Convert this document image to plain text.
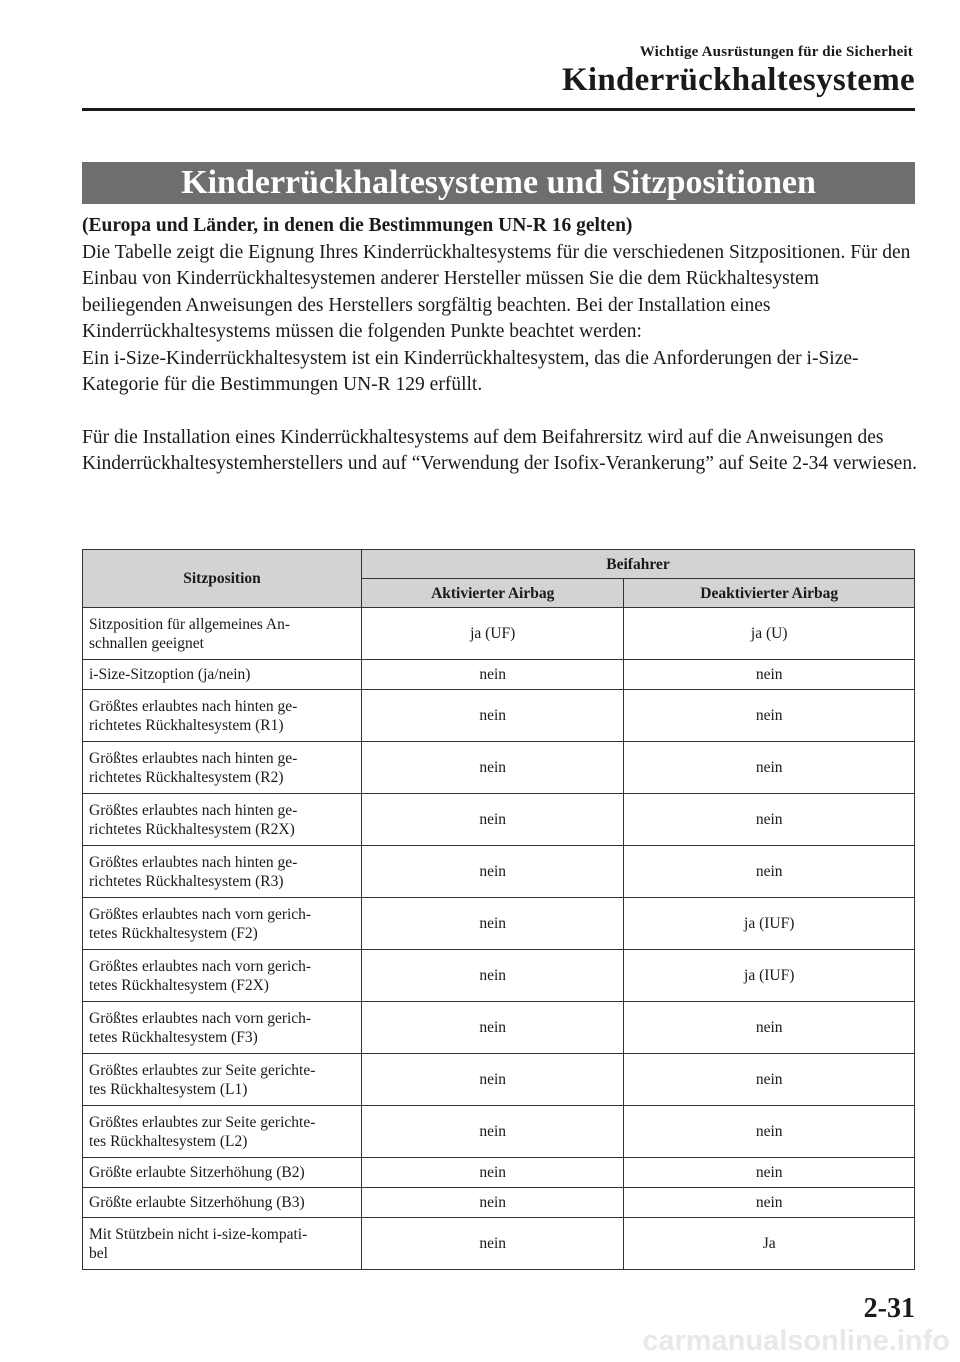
Wichtige Ausrüstungen für die Sicherheit
Kinderrückhaltesysteme
Kinderrückhaltesysteme und Sitzpositionen

(Europa und Länder, in denen die Bestimmungen UN-R 16 gelten)

Die Tabelle zeigt die Eignung Ihres Kinderrückhaltesystems für die verschiedenen Sitzpositionen. Für den Einbau von Kinderrückhaltesystemen anderer Hersteller müssen Sie die dem Rückhaltesystem beiliegenden Anweisungen des Herstellers sorgfältig beachten. Bei der Installation eines Kinderrückhaltesystems müssen die folgenden Punkte beachtet werden:

Ein i-Size-Kinderrückhaltesystem ist ein Kinderrückhaltesystem, das die Anforderungen der i-Size-Kategorie für die Bestimmungen UN-R 129 erfüllt.

Für die Installation eines Kinderrückhaltesystems auf dem Beifahrersitz wird auf die Anweisungen des Kinderrückhaltesystemherstellers und auf “Verwendung der Isofix-Verankerung” auf Seite 2-34 verwiesen.

Sitzposition	Beifahrer	
	Aktivierter Airbag	Deaktivierter Airbag
Sitzposition für allgemeines An-
schnallen geeignet	ja (UF)	ja (U)
i-Size-Sitzoption (ja/nein)	nein	nein
Größtes erlaubtes nach hinten ge-
richtetes Rückhaltesystem (R1)	nein	nein
Größtes erlaubtes nach hinten ge-
richtetes Rückhaltesystem (R2)	nein	nein
Größtes erlaubtes nach hinten ge-
richtetes Rückhaltesystem (R2X)	nein	nein
Größtes erlaubtes nach hinten ge-
richtetes Rückhaltesystem (R3)	nein	nein
Größtes erlaubtes nach vorn gerich-
tetes Rückhaltesystem (F2)	nein	ja (IUF)
Größtes erlaubtes nach vorn gerich-
tetes Rückhaltesystem (F2X)	nein	ja (IUF)
Größtes erlaubtes nach vorn gerich-
tetes Rückhaltesystem (F3)	nein	nein
Größtes erlaubtes zur Seite gerichte-
tes Rückhaltesystem (L1)	nein	nein
Größtes erlaubtes zur Seite gerichte-
tes Rückhaltesystem (L2)	nein	nein
Größte erlaubte Sitzerhöhung (B2)	nein	nein
Größte erlaubte Sitzerhöhung (B3)	nein	nein
Mit Stützbein nicht i-size-kompati-
bel	nein	Ja
2-31
carmanualsonline.info
